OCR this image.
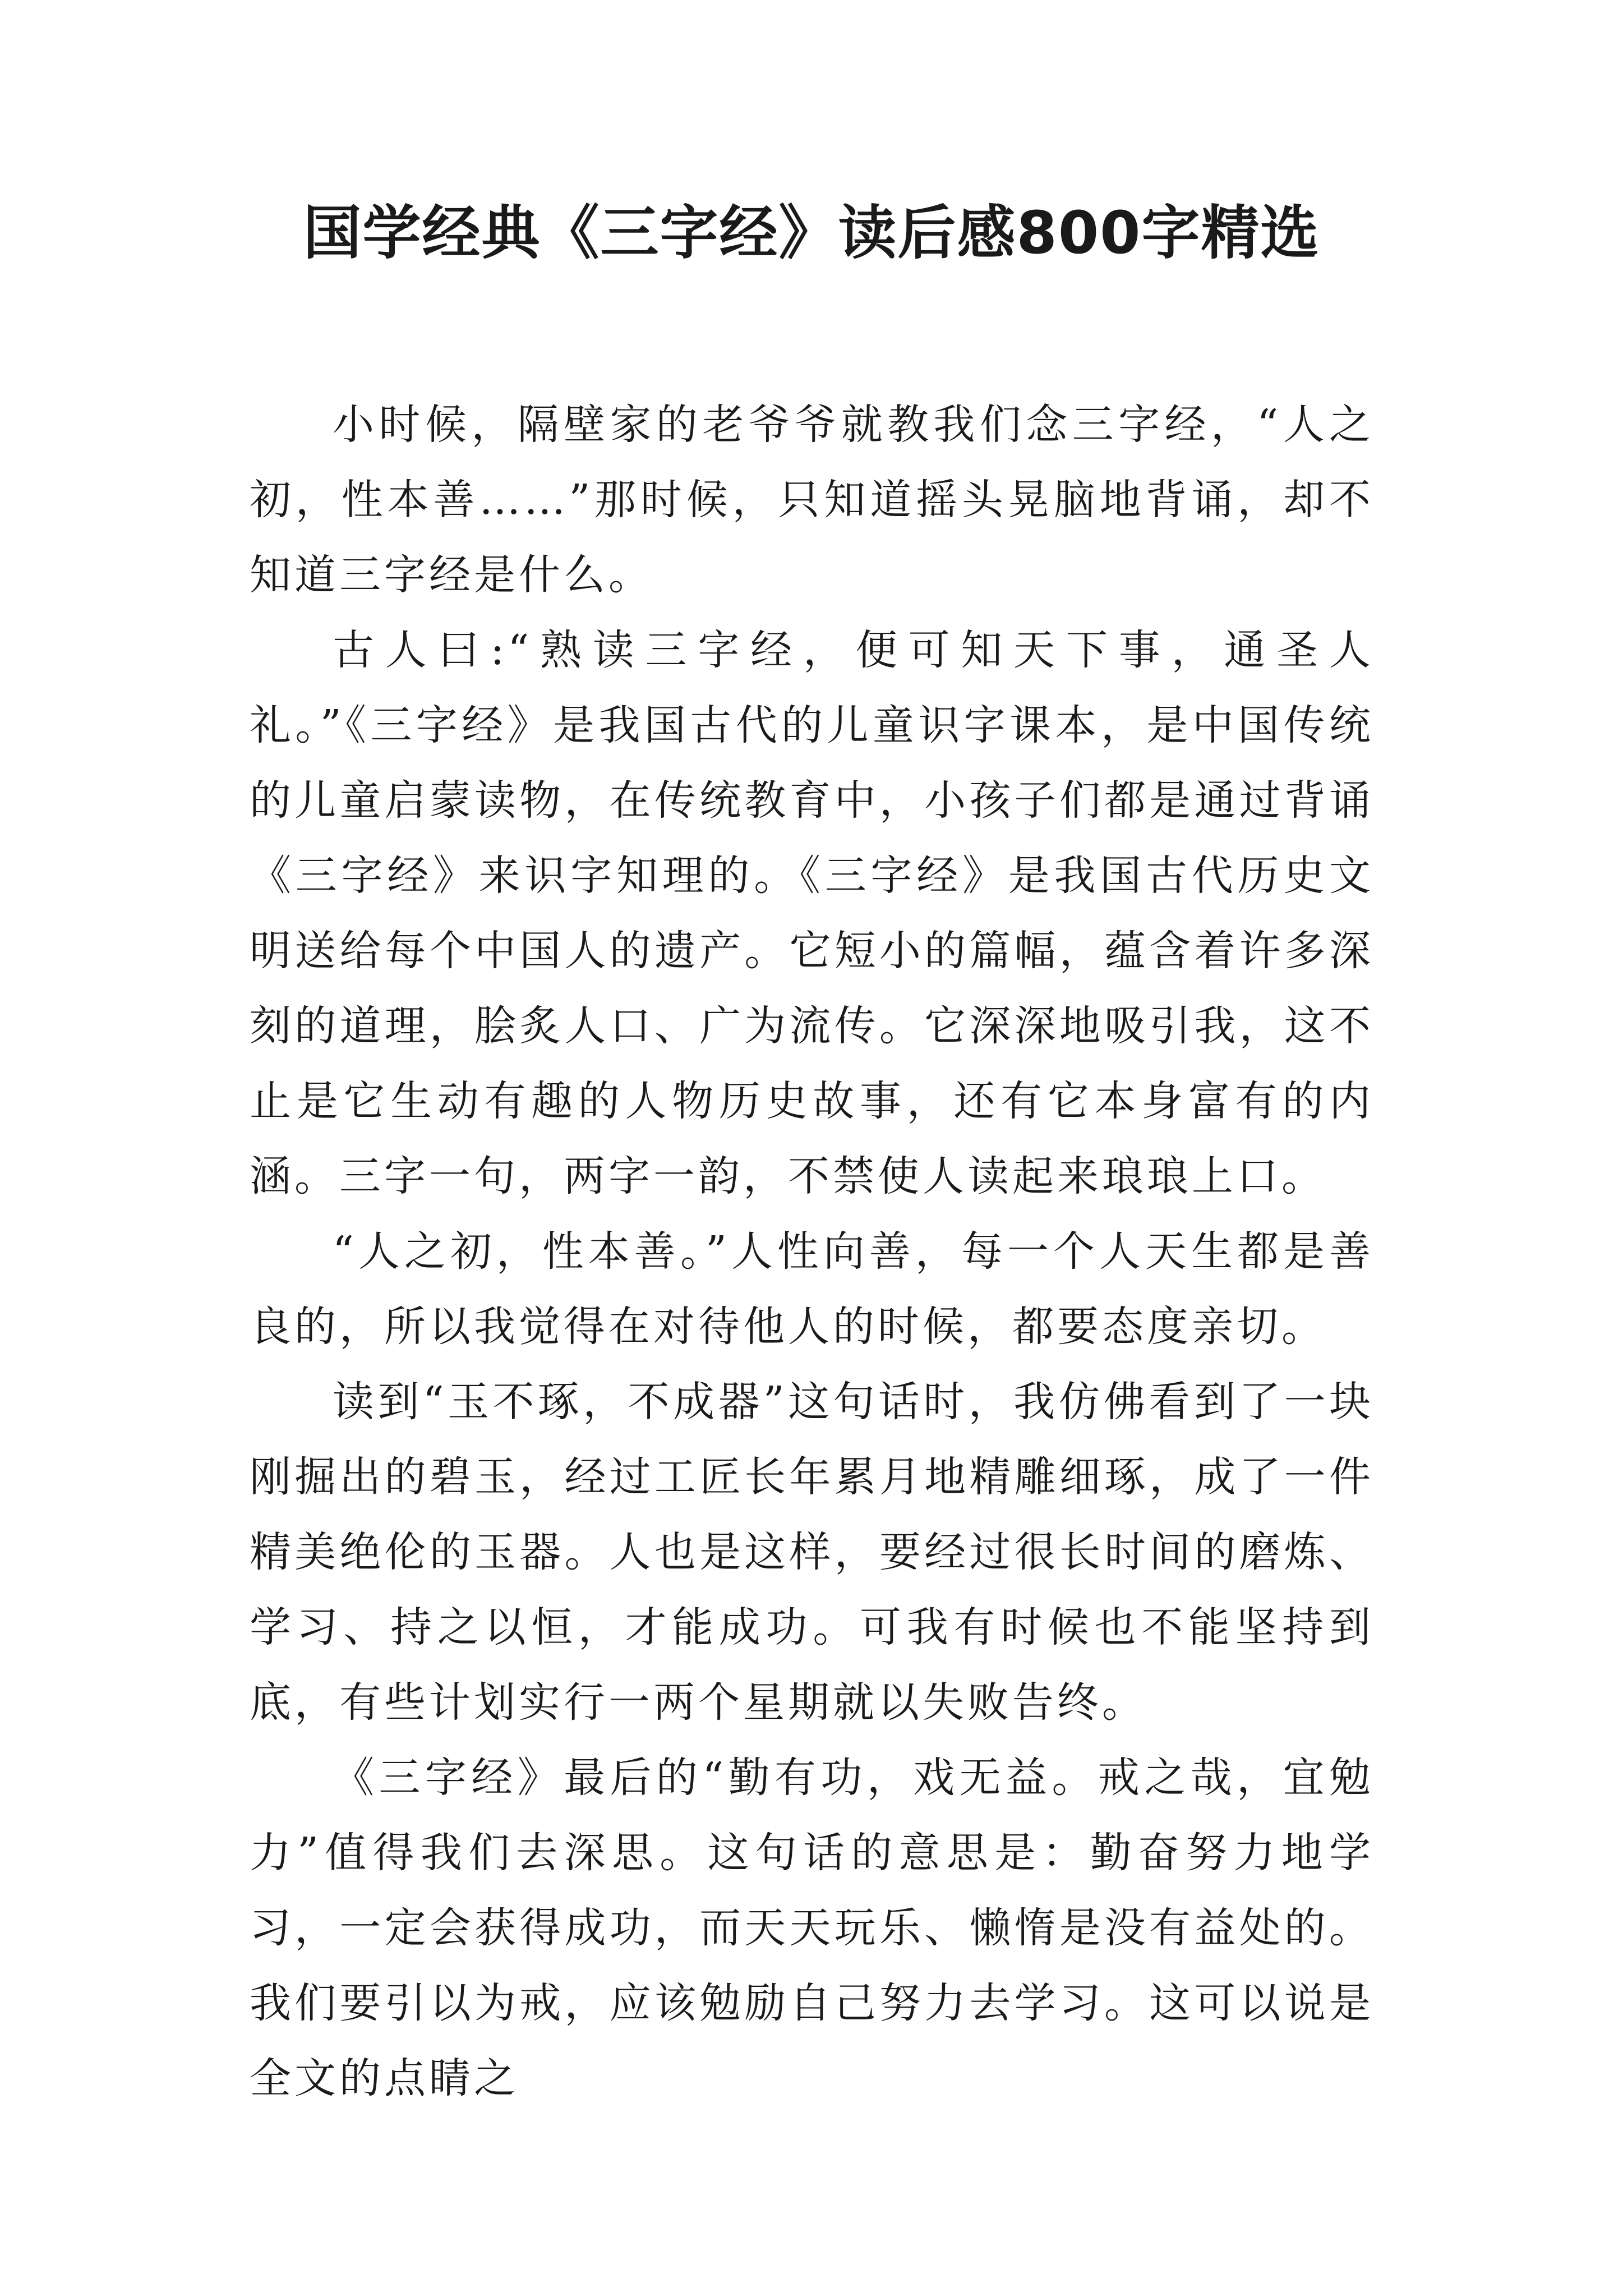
国学经典《三字经》读后感800字精选

小时候，隔壁家的老爷爷就教我们念三字经，“人之初，性本善……”那时候，只知道摇头晃脑地背诵，却不知道三字经是什么。

古人曰:“熟读三字经，便可知天下事，通圣人礼。”《三字经》是我国古代的儿童识字课本，是中国传统的儿童启蒙读物，在传统教育中，小孩子们都是通过背诵《三字经》来识字知理的。《三字经》是我国古代历史文明送给每个中国人的遗产。它短小的篇幅，蕴含着许多深刻的道理，脍炙人口、广为流传。它深深地吸引我，这不止是它生动有趣的人物历史故事，还有它本身富有的内涵。三字一句，两字一韵，不禁使人读起来琅琅上口。

“人之初，性本善。”人性向善，每一个人天生都是善良的，所以我觉得在对待他人的时候，都要态度亲切。

读到“玉不琢，不成器”这句话时，我仿佛看到了一块刚掘出的碧玉，经过工匠长年累月地精雕细琢，成了一件精美绝伦的玉器。人也是这样，要经过很长时间的磨炼、学习、持之以恒，才能成功。可我有时候也不能坚持到底，有些计划实行一两个星期就以失败告终。

《三字经》最后的“勤有功，戏无益。戒之哉，宜勉力”值得我们去深思。这句话的意思是：勤奋努力地学习，一定会获得成功，而天天玩乐、懒惰是没有益处的。我们要引以为戒，应该勉励自己努力去学习。这可以说是全文的点睛之
